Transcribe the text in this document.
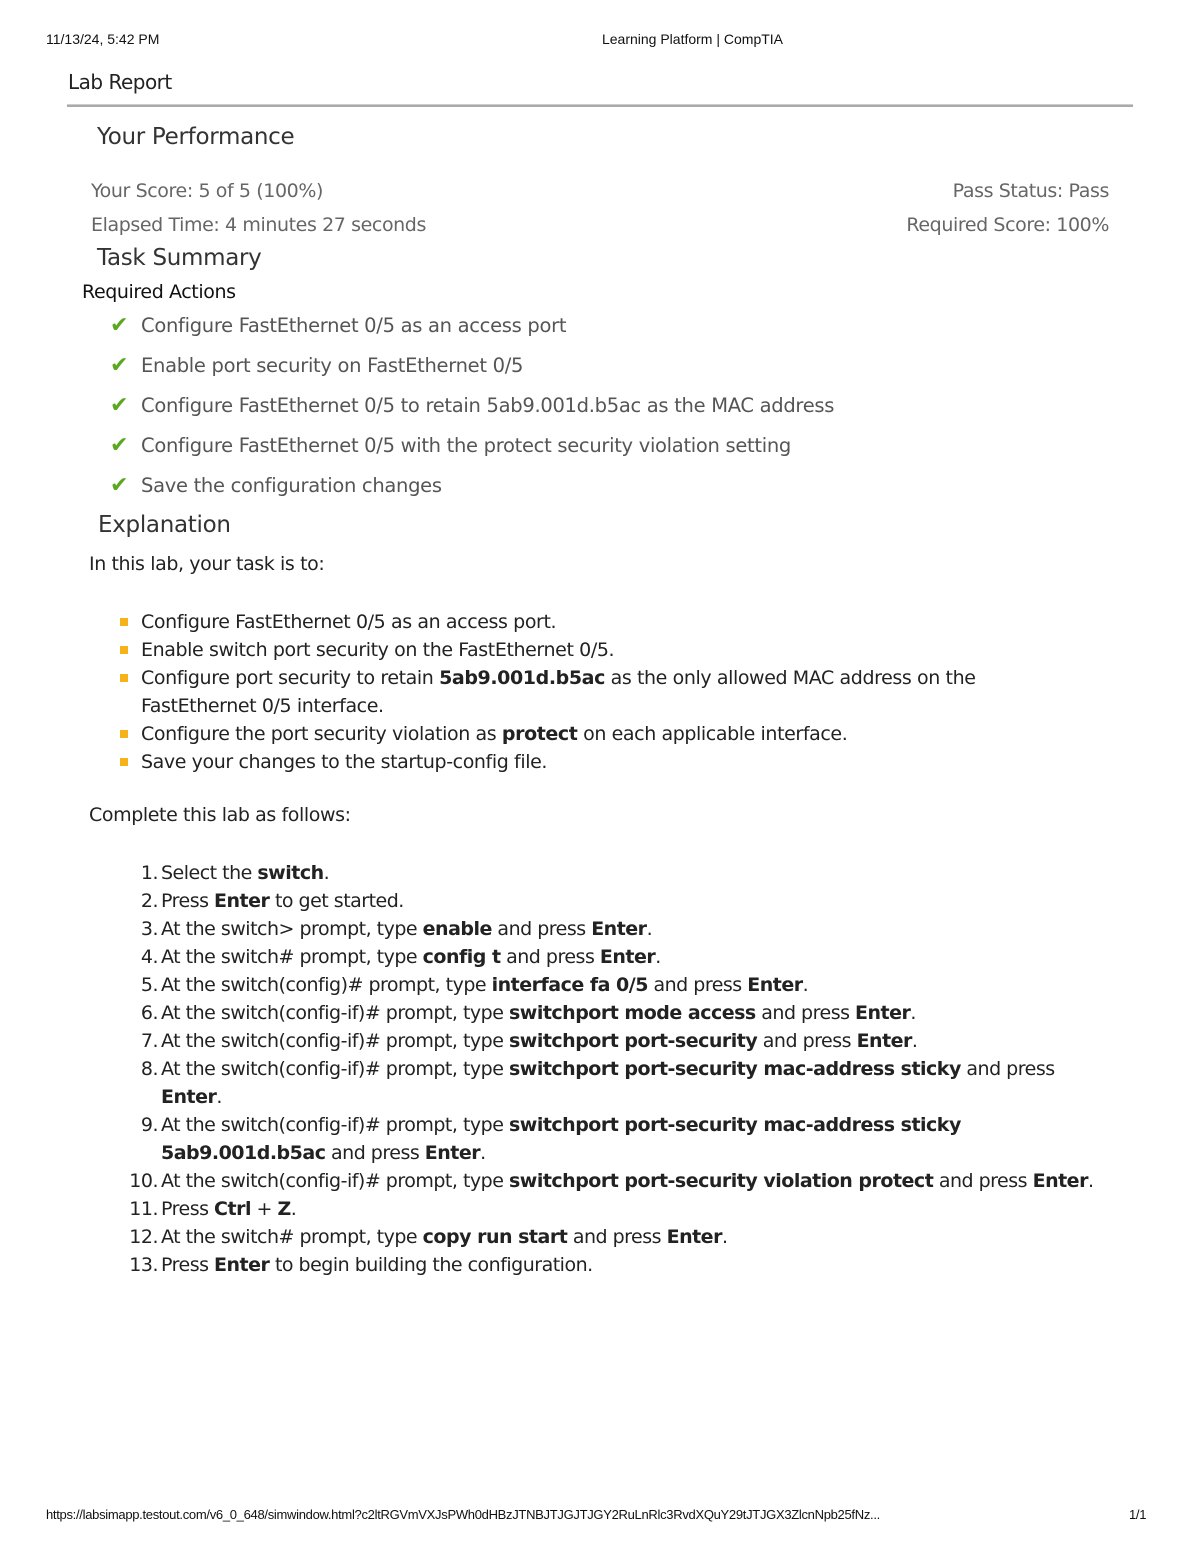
11/13/24, 5:42 PM	Learning Platform | CompTIA
Lab Report
Your Performance
Your Score: 5 of 5 (100%)
Elapsed Time: 4 minutes 27 seconds
Pass Status: Pass
Required Score: 100%
Task Summary
Required Actions
✔ Configure FastEthernet 0/5 as an access port
✔ Enable port security on FastEthernet 0/5
✔ Configure FastEthernet 0/5 to retain 5ab9.001d.b5ac as the MAC address
✔ Configure FastEthernet 0/5 with the protect security violation setting
✔ Save the configuration changes
Explanation
In this lab, your task is to:
Configure FastEthernet 0/5 as an access port.
Enable switch port security on the FastEthernet 0/5.
Configure port security to retain 5ab9.001d.b5ac as the only allowed MAC address on the FastEthernet 0/5 interface.
Configure the port security violation as protect on each applicable interface.
Save your changes to the startup-config file.
Complete this lab as follows:
1. Select the switch.
2. Press Enter to get started.
3. At the switch> prompt, type enable and press Enter.
4. At the switch# prompt, type config t and press Enter.
5. At the switch(config)# prompt, type interface fa 0/5 and press Enter.
6. At the switch(config-if)# prompt, type switchport mode access and press Enter.
7. At the switch(config-if)# prompt, type switchport port-security and press Enter.
8. At the switch(config-if)# prompt, type switchport port-security mac-address sticky and press Enter.
9. At the switch(config-if)# prompt, type switchport port-security mac-address sticky 5ab9.001d.b5ac and press Enter.
10. At the switch(config-if)# prompt, type switchport port-security violation protect and press Enter.
11. Press Ctrl + Z.
12. At the switch# prompt, type copy run start and press Enter.
13. Press Enter to begin building the configuration.
https://labsimapp.testout.com/v6_0_648/simwindow.html?c2ltRGVmVXJsPWh0dHBzJTNBJTJGJTJGY2RuLnRlc3RvdXQuY29tJTJGX3ZlcnNpb25fNz...	1/1
